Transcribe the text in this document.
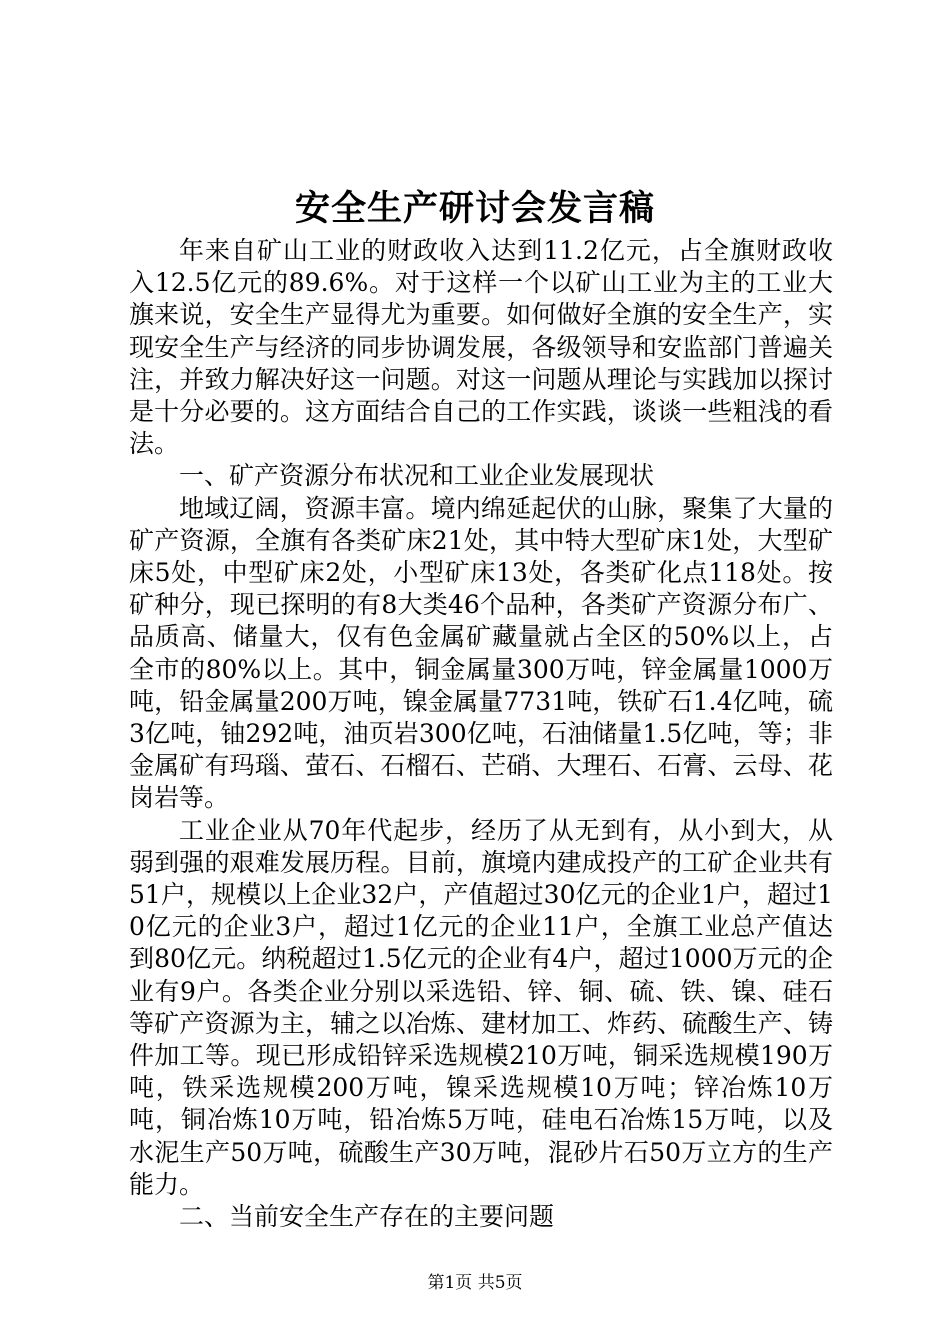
安全生产研讨会发言稿

年来自矿山工业的财政收入达到11.2亿元，占全旗财政收入12.5亿元的89.6%。对于这样一个以矿山工业为主的工业大旗来说，安全生产显得尤为重要。如何做好全旗的安全生产，实现安全生产与经济的同步协调发展，各级领导和安监部门普遍关注，并致力解决好这一问题。对这一问题从理论与实践加以探讨是十分必要的。这方面结合自己的工作实践，谈谈一些粗浅的看法。

一、矿产资源分布状况和工业企业发展现状

地域辽阔，资源丰富。境内绵延起伏的山脉，聚集了大量的矿产资源，全旗有各类矿床21处，其中特大型矿床1处，大型矿床5处，中型矿床2处，小型矿床13处，各类矿化点118处。按矿种分，现已探明的有8大类46个品种，各类矿产资源分布广、品质高、储量大，仅有色金属矿藏量就占全区的50%以上，占全市的80%以上。其中，铜金属量300万吨，锌金属量1000万吨，铅金属量200万吨，镍金属量7731吨，铁矿石1.4亿吨，硫3亿吨，铀292吨，油页岩300亿吨，石油储量1.5亿吨，等；非金属矿有玛瑙、萤石、石榴石、芒硝、大理石、石膏、云母、花岗岩等。

工业企业从70年代起步，经历了从无到有，从小到大，从弱到强的艰难发展历程。目前，旗境内建成投产的工矿企业共有51户，规模以上企业32户，产值超过30亿元的企业1户，超过10亿元的企业3户，超过1亿元的企业11户，全旗工业总产值达到80亿元。纳税超过1.5亿元的企业有4户，超过1000万元的企业有9户。各类企业分别以采选铅、锌、铜、硫、铁、镍、硅石等矿产资源为主，辅之以冶炼、建材加工、炸药、硫酸生产、铸件加工等。现已形成铅锌采选规模210万吨，铜采选规模190万吨，铁采选规模200万吨，镍采选规模10万吨；锌冶炼10万吨，铜冶炼10万吨，铅冶炼5万吨，硅电石冶炼15万吨，以及水泥生产50万吨，硫酸生产30万吨，混砂片石50万立方的生产能力。

二、当前安全生产存在的主要问题

第1页 共5页
